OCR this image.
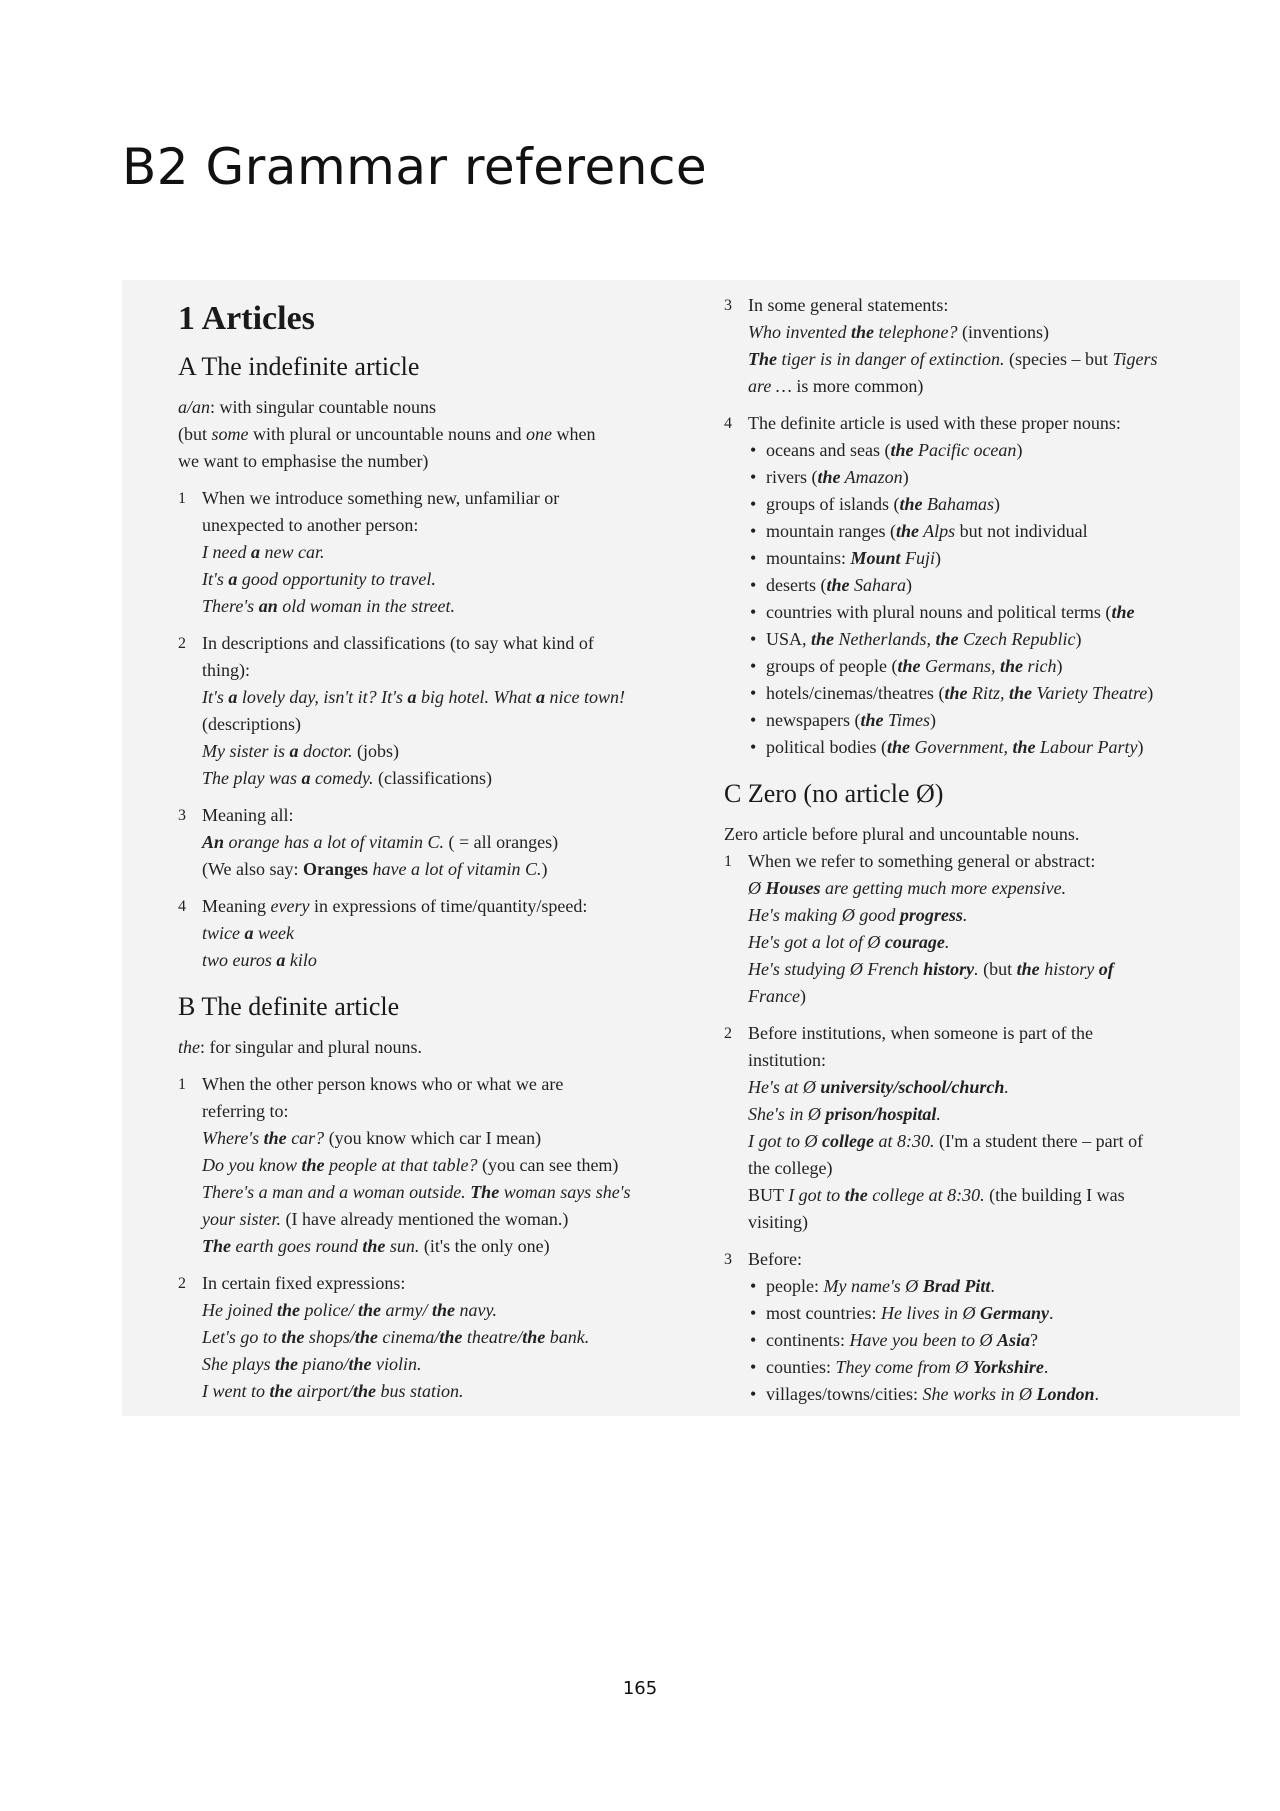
B2 Grammar reference
1 Articles
A The indefinite article

a/an: with singular countable nouns

(but some with plural or uncountable nouns and one when

we want to emphasise the number)

1 When we introduce something new, unfamiliar or

unexpected to another person:

I need a new car.

It's a good opportunity to travel.

There's an old woman in the street.

2 In descriptions and classifications (to say what kind of

thing):

It's a lovely day, isn't it? It's a big hotel. What a nice town!

(descriptions)

My sister is a doctor. (jobs)

The play was a comedy. (classifications)

3 Meaning all:

An orange has a lot of vitamin C. ( = all oranges)

(We also say: Oranges have a lot of vitamin C.)

4 Meaning every in expressions of time/quantity/speed:

twice a week

two euros a kilo

B The definite article

the: for singular and plural nouns.

1 When the other person knows who or what we are

referring to:

Where's the car? (you know which car I mean)

Do you know the people at that table? (you can see them)

There's a man and a woman outside. The woman says she's

your sister. (I have already mentioned the woman.)

The earth goes round the sun. (it's the only one)

2 In certain fixed expressions:

He joined the police/ the army/ the navy.

Let's go to the shops/the cinema/the theatre/the bank.

She plays the piano/the violin.

I went to the airport/the bus station.

3 In some general statements:

Who invented the telephone? (inventions)

The tiger is in danger of extinction. (species – but Tigers

are … is more common)

4 The definite article is used with these proper nouns:

• oceans and seas (the Pacific ocean)
• rivers (the Amazon)
• groups of islands (the Bahamas)
• mountain ranges (the Alps but not individual
• mountains: Mount Fuji)
• deserts (the Sahara)
• countries with plural nouns and political terms (the
• USA, the Netherlands, the Czech Republic)
• groups of people (the Germans, the rich)
• hotels/cinemas/theatres (the Ritz, the Variety Theatre)
• newspapers (the Times)
• political bodies (the Government, the Labour Party)
C Zero (no article Ø)

Zero article before plural and uncountable nouns.

1 When we refer to something general or abstract:

Ø Houses are getting much more expensive.

He's making Ø good progress.

He's got a lot of Ø courage.

He's studying Ø French history. (but the history of

France)

2 Before institutions, when someone is part of the

institution:

He's at Ø university/school/church.

She's in Ø prison/hospital.

I got to Ø college at 8:30. (I'm a student there – part of

the college)

BUT I got to the college at 8:30. (the building I was

visiting)

3 Before:

• people: My name's Ø Brad Pitt.
• most countries: He lives in Ø Germany.
• continents: Have you been to Ø Asia?
• counties: They come from Ø Yorkshire.
• villages/towns/cities: She works in Ø London.
165
